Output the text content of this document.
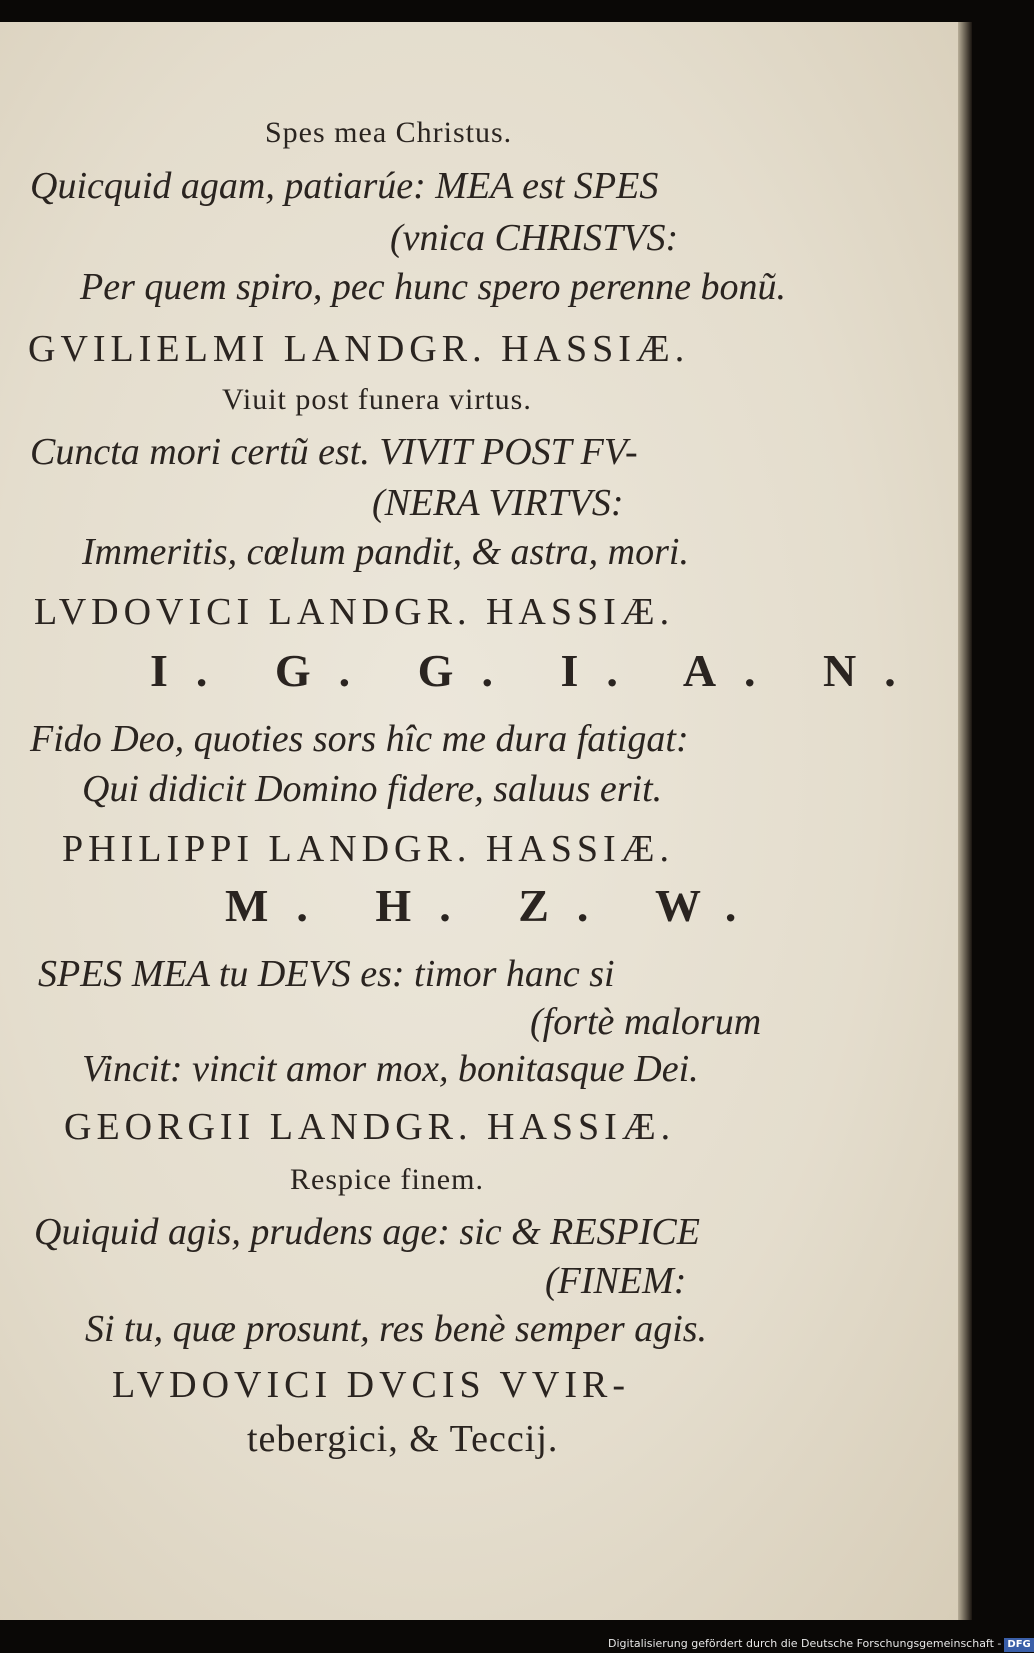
Spes mea Christus.
Quicquid agam, patiarúe: MEA est SPES
(vnica CHRISTVS:
Per quem spiro, pec hunc spero perenne bonũ.
GVILIELMI LANDGR. HASSIÆ.
Viuit post funera virtus.
Cuncta mori certũ est. VIVIT POST FV-
(NERA VIRTVS:
Immeritis, cœlum pandit, & astra, mori.
LVDOVICI LANDGR. HASSIÆ.
I. G. G. I. A. N.
Fido Deo, quoties sors hîc me dura fatigat:
Qui didicit Domino fidere, saluus erit.
PHILIPPI LANDGR. HASSIÆ.
M. H. Z. W.
SPES MEA tu DEVS es: timor hanc si
(fortè malorum
Vincit: vincit amor mox, bonitasque Dei.
GEORGII LANDGR. HASSIÆ.
Respice finem.
Quiquid agis, prudens age: sic & RESPICE
(FINEM:
Si tu, quæ prosunt, res benè semper agis.
LVDOVICI DVCIS VVIR-
tebergici, & Teccij.
Digitalisierung gefördert durch die Deutsche Forschungsgemeinschaft - DFG
